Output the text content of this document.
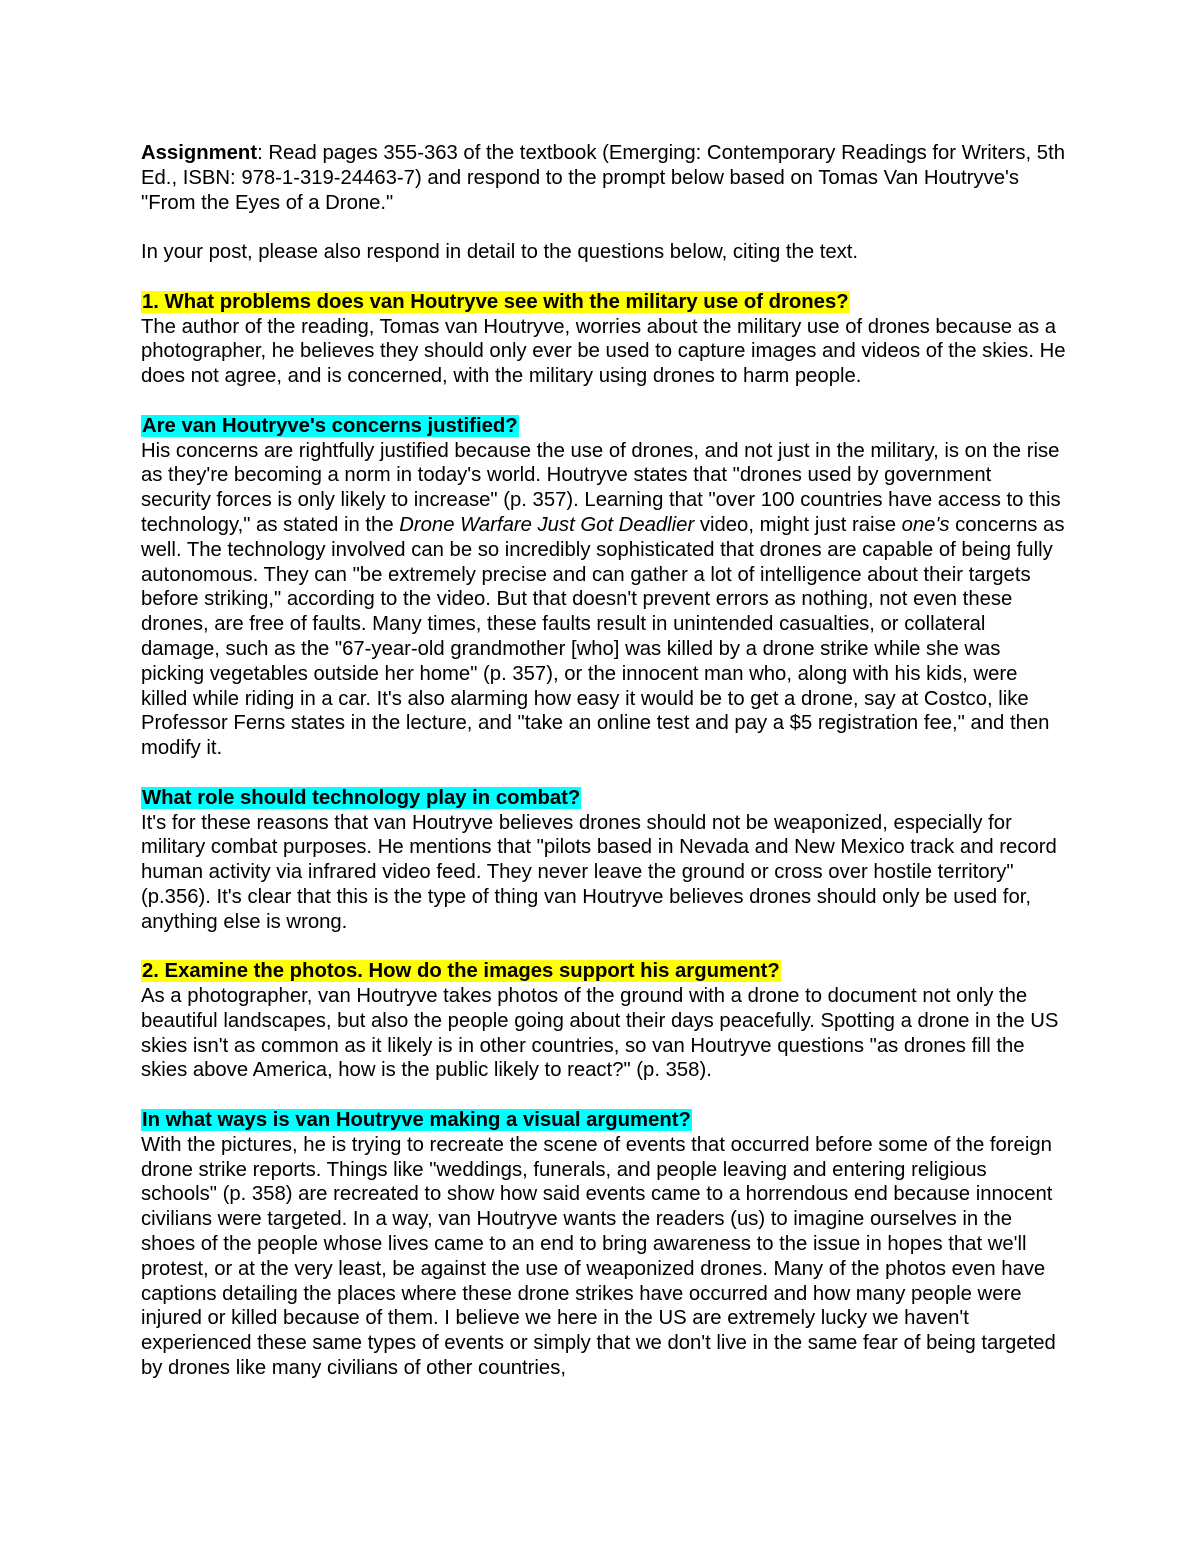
Assignment: Read pages 355-363 of the textbook (Emerging: Contemporary Readings for Writers, 5th Ed., ISBN: 978-1-319-24463-7) and respond to the prompt below based on Tomas Van Houtryve's "From the Eyes of a Drone."
In your post, please also respond in detail to the questions below, citing the text.
1. What problems does van Houtryve see with the military use of drones?

The author of the reading, Tomas van Houtryve, worries about the military use of drones because as a photographer, he believes they should only ever be used to capture images and videos of the skies. He does not agree, and is concerned, with the military using drones to harm people.

Are van Houtryve's concerns justified?

His concerns are rightfully justified because the use of drones, and not just in the military, is on the rise as they're becoming a norm in today's world. Houtryve states that "drones used by government security forces is only likely to increase" (p. 357). Learning that "over 100 countries have access to this technology," as stated in the Drone Warfare Just Got Deadlier video, might just raise one's concerns as well. The technology involved can be so incredibly sophisticated that drones are capable of being fully autonomous. They can "be extremely precise and can gather a lot of intelligence about their targets before striking," according to the video. But that doesn't prevent errors as nothing, not even these drones, are free of faults. Many times, these faults result in unintended casualties, or collateral damage, such as the "67-year-old grandmother [who] was killed by a drone strike while she was picking vegetables outside her home" (p. 357), or the innocent man who, along with his kids, were killed while riding in a car. It's also alarming how easy it would be to get a drone, say at Costco, like Professor Ferns states in the lecture, and "take an online test and pay a $5 registration fee," and then modify it.

What role should technology play in combat?

It's for these reasons that van Houtryve believes drones should not be weaponized, especially for military combat purposes. He mentions that "pilots based in Nevada and New Mexico track and record human activity via infrared video feed. They never leave the ground or cross over hostile territory" (p.356). It's clear that this is the type of thing van Houtryve believes drones should only be used for, anything else is wrong.

2. Examine the photos. How do the images support his argument?

As a photographer, van Houtryve takes photos of the ground with a drone to document not only the beautiful landscapes, but also the people going about their days peacefully. Spotting a drone in the US skies isn't as common as it likely is in other countries, so van Houtryve questions "as drones fill the skies above America, how is the public likely to react?" (p. 358).

In what ways is van Houtryve making a visual argument?

With the pictures, he is trying to recreate the scene of events that occurred before some of the foreign drone strike reports. Things like "weddings, funerals, and people leaving and entering religious schools" (p. 358) are recreated to show how said events came to a horrendous end because innocent civilians were targeted. In a way, van Houtryve wants the readers (us) to imagine ourselves in the shoes of the people whose lives came to an end to bring awareness to the issue in hopes that we'll protest, or at the very least, be against the use of weaponized drones. Many of the photos even have captions detailing the places where these drone strikes have occurred and how many people were injured or killed because of them. I believe we here in the US are extremely lucky we haven't experienced these same types of events or simply that we don't live in the same fear of being targeted by drones like many civilians of other countries,
